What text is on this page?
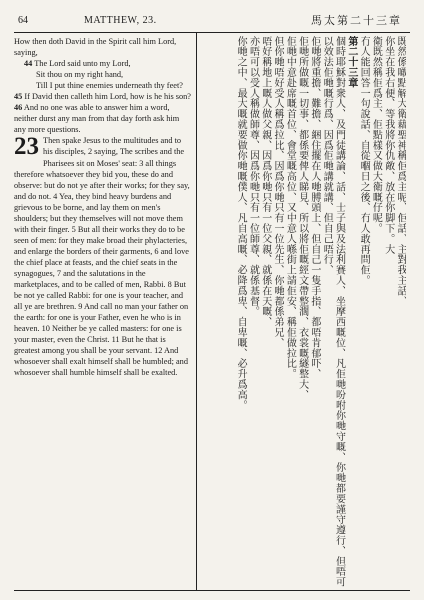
64	MATTHEW, 23.	馬太第二十三章

How then doth David in the Spirit call him Lord, saying,

44 The Lord said unto my Lord,

Sit thou on my right hand,

Till I put thine enemies underneath thy feet?

45 If David then calleth him Lord, how is he his son? 46 And no one was able to answer him a word, neither durst any man from that day forth ask him any more questions.

23 Then spake Jesus to the multitudes and to his disciples, 2 saying, The scribes and the Pharisees sit on Moses' seat: 3 all things therefore whatsoever they bid you, these do and observe: but do not ye after their works; for they say, and do not. 4 Yea, they bind heavy burdens and grievous to be borne, and lay them on men's shoulders; but they themselves will not move them with their finger. 5 But all their works they do to be seen of men: for they make broad their phylacteries, and enlarge the borders of their garments, 6 and love the chief place at feasts, and the chief seats in the synagogues, 7 and the salutations in the marketplaces, and to be called of men, Rabbi. 8 But be not ye called Rabbi: for one is your teacher, and all ye are brethren. 9 And call no man your father on the earth: for one is your Father, even he who is in heaven. 10 Neither be ye called masters: for one is your master, even the Christ. 11 But he that is greatest among you shall be your servant. 12 And whosoever shall exalt himself shall be humbled; and whosoever shall humble himself shall be exalted.

既然係噉點解大衛藉聖神稱佢爲主呢、佢話、主對我主話、

你坐在我右便、等我將你仇敵、放在你脚下。大

衛既然稱佢爲主、佢點樣又做大衛嘅仔呢。

冇人能回答一句說話、自從嗰日之後、冇人敢再問佢。

第二十三章

個時耶穌對衆人、及門徒講論、話、士子與及法利賽人、坐摩西嘅位、凡佢哋吩咐你哋守嘅、你哋都要謹守遵行、但唔可以效法佢哋嘅行爲、因爲佢哋講就講、但自己唔行、

佢哋將重擔、難擔、綑住擺在人哋膊頭上、但自己一隻手指、都唔肯郁吓、

佢哋所做嘅一切事、都係要俾人睇見、所以將佢嘅經文帶整濶、衣裳嘅繸整大、

佢哋中意赴席嘅首位、會堂嘅高位、又中意人喺街上請佢安、稱佢做拉比。

但你哋唔好受人稱爲拉比、因爲你哋只有一位先生、你哋都係弟兄、

唔好稱地上嘅人做父親、因爲你哋只有一位父親、就係在天嘅、

亦唔可以受人稱做師尊、因爲你哋只有一位師尊、就係基督。

你哋之中、最大嘅就要做你哋嘅僕人、凡自高嘅、必降爲卑、自卑嘅、必升爲高。
